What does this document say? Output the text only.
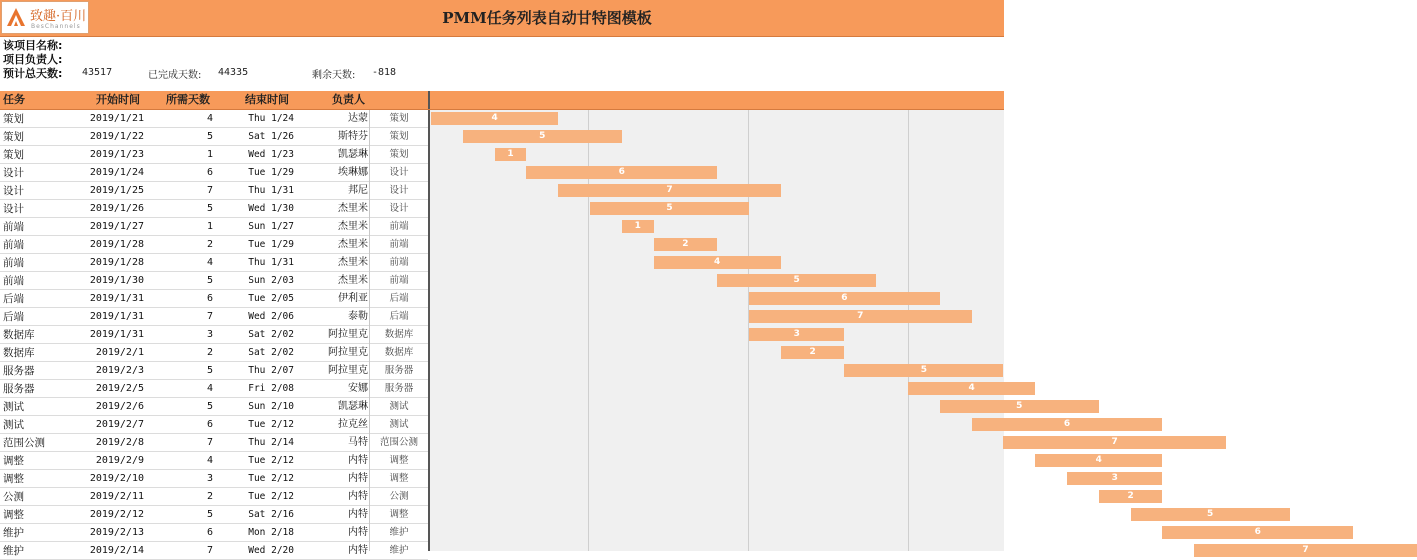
致趣·百川
BesChannels	PMM任务列表自动甘特图模板
该项目名称:
项目负责人:
预计总天数: 43517	已完成天数: 44335	剩余天数: -818
任务	开始时间 所需天数	结束时间	负责人
策划	2019/1/21	4	Thu 1/24	达蒙	策划
策划	2019/1/22	5	Sat 1/26	斯特芬	策划
策划	2019/1/23	1	Wed 1/23	凯瑟琳	策划
设计	2019/1/24	6	Tue 1/29	埃琳娜	设计
设计	2019/1/25	7	Thu 1/31	邦尼	设计
设计	2019/1/26	5	Wed 1/30	杰里米	设计
前端	2019/1/27	1	Sun 1/27	杰里米	前端
前端	2019/1/28	2	Tue 1/29	杰里米	前端
前端	2019/1/28	4	Thu 1/31	杰里米	前端
前端	2019/1/30	5	Sun 2/03	杰里米	前端
后端	2019/1/31	6	Tue 2/05	伊利亚	后端
后端	2019/1/31	7	Wed 2/06	泰勒	后端
数据库	2019/1/31	3	Sat 2/02	阿拉里克	数据库
数据库	2019/2/1	2	Sat 2/02	阿拉里克	数据库
服务器	2019/2/3	5	Thu 2/07	阿拉里克	服务器
服务器	2019/2/5	4	Fri 2/08	安娜	服务器
测试	2019/2/6	5	Sun 2/10	凯瑟琳	测试
测试	2019/2/7	6	Tue 2/12	拉克丝	测试
范围公测	2019/2/8	7	Thu 2/14	马特	范围公测
调整	2019/2/9	4	Tue 2/12	内特	调整
调整	2019/2/10	3	Tue 2/12	内特	调整
公测	2019/2/11	2	Tue 2/12	内特	公测
调整	2019/2/12	5	Sat 2/16	内特	调整
维护	2019/2/13	6	Mon 2/18	内特	维护
维护	2019/2/14	7	Wed 2/20	内特	维护
4
5
1
6
7
5
1
2
4
5
6
7
3
2
5
4
5
6
7
4
3
2
5
6
7
